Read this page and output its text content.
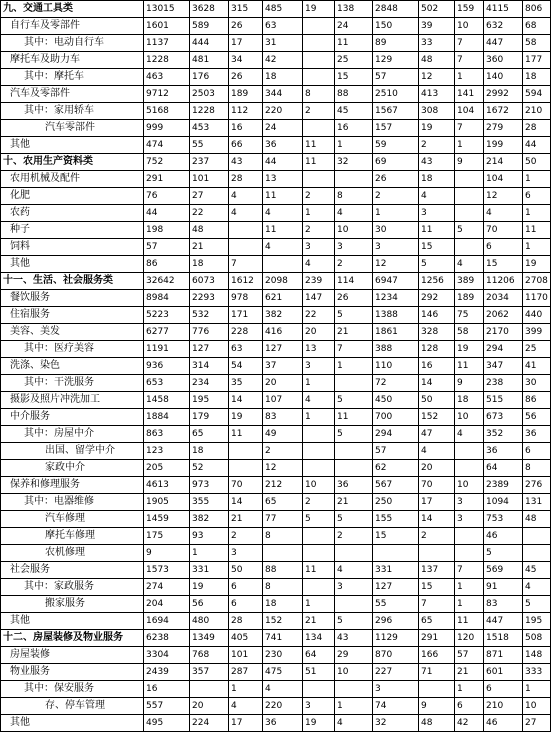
九、交通工具类	13015	3628	315	485	19	138	2848	502	159	4115	806
自行车及零部件	1601	589	26	63		24	150	39	10	632	68
其中：电动自行车	1137	444	17	31		11	89	33	7	447	58
摩托车及助力车	1228	481	34	42		25	129	48	7	360	177
其中：摩托车	463	176	26	18		15	57	12	1	140	18
汽车及零部件	9712	2503	189	344	8	88	2510	413	141	2992	594
其中：家用轿车	5168	1228	112	220	2	45	1567	308	104	1672	210
汽车零部件	999	453	16	24		16	157	19	7	279	28
其他	474	55	66	36	11	1	59	2	1	199	44
十、农用生产资料类	752	237	43	44	11	32	69	43	9	214	50
农用机械及配件	291	101	28	13			26	18		104	1
化肥	76	27	4	11	2	8	2	4		12	6
农药	44	22	4	4	1	4	1	3		4	1
种子	198	48		11	2	10	30	11	5	70	11
饲料	57	21		4	3	3	3	15		6	1
其他	86	18	7		4	2	12	5	4	15	19
十一、生活、社会服务类	32642	6073	1612	2098	239	114	6947	1256	389	11206	2708
餐饮服务	8984	2293	978	621	147	26	1234	292	189	2034	1170
住宿服务	5223	532	171	382	22	5	1388	146	75	2062	440
美容、美发	6277	776	228	416	20	21	1861	328	58	2170	399
其中：医疗美容	1191	127	63	127	13	7	388	128	19	294	25
洗涤、染色	936	314	54	37	3	1	110	16	11	347	41
其中：干洗服务	653	234	35	20	1		72	14	9	238	30
摄影及照片冲洗加工	1458	195	14	107	4	5	450	50	18	515	86
中介服务	1884	179	19	83	1	11	700	152	10	673	56
其中：房屋中介	863	65	11	49		5	294	47	4	352	36
出国、留学中介	123	18		2			57	4		36	6
家政中介	205	52		12			62	20		64	8
保养和修理服务	4613	973	70	212	10	36	567	70	10	2389	276
其中：电器维修	1905	355	14	65	2	21	250	17	3	1094	131
汽车修理	1459	382	21	77	5	5	155	14	3	753	48
摩托车修理	175	93	2	8		2	15	2		46	
农机修理	9	1	3							5	
社会服务	1573	331	50	88	11	4	331	137	7	569	45
其中：家政服务	274	19	6	8		3	127	15	1	91	4
搬家服务	204	56	6	18	1		55	7	1	83	5
其他	1694	480	28	152	21	5	296	65	11	447	195
十二、房屋装修及物业服务	6238	1349	405	741	134	43	1129	291	120	1518	508
房屋装修	3304	768	101	230	64	29	870	166	57	871	148
物业服务	2439	357	287	475	51	10	227	71	21	601	333
其中：保安服务	16		1	4			3		1	6	1
存、停车管理	557	20	4	220	3	1	74	9	6	210	10
其他	495	224	17	36	19	4	32	48	42	46	27
